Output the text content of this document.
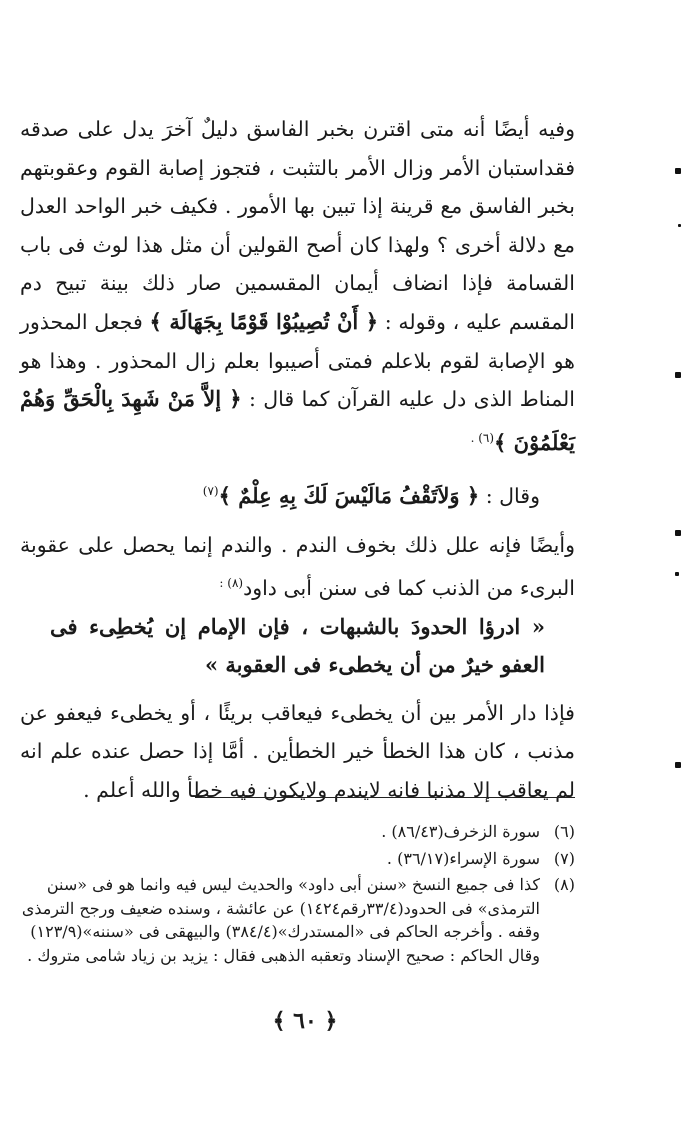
وفيه أيضًا أنه متى اقترن بخبر الفاسق دليلٌ آخرَ يدل على صدقه فقداستبان الأمر وزال الأمر بالتثبت ، فتجوز إصابة القوم وعقوبتهم بخبر الفاسق مع قرينة إذا تبين بها الأمور . فكيف خبر الواحد العدل مع دلالة أخرى ؟ ولهذا كان أصح القولين أن مثل هذا لوث فى باب القسامة فإذا انضاف أيمان المقسمين صار ذلك بينة تبيح دم المقسم عليه ، وقوله : ﴿ أَنْ تُصِيبُوْا قَوْمًا بِجَهَالَة ﴾ فجعل المحذور هو الإصابة لقوم بلاعلم فمتى أصيبوا بعلم زال المحذور . وهذا هو المناط الذى دل عليه القرآن كما قال : ﴿ إلاَّ مَنْ شَهِدَ بِالْحَقِّ وَهُمْ يَعْلَمُوْنَ ﴾$^{(٦) .}$

وقال : ﴿ وَلاَتَقْفُ مَالَيْسَ لَكَ بِهِ عِلْمٌ ﴾$^{(٧)}$

وأيضًا فإنه علل ذلك بخوف الندم . والندم إنما يحصل على عقوبة البرىء من الذنب كما فى سنن أبى داود$^{(٨) :}$

« ادرؤا الحدودَ بالشبهات ، فإن الإمام إن يُخطِىء فى العفو خيرٌ من أن يخطىء فى العقوبة »

فإذا دار الأمر بين أن يخطىء فيعاقب بريئًا ، أو يخطىء فيعفو عن مذنب ، كان هذا الخطأ خير الخطأين . أمَّا إذا حصل عنده علم انه لم يعاقب إلا مذنبا فانه لايندم ولايكون فيه خطأ والله أعلم .

(٦)
سورة الزخرف(٨٦/٤٣) .
(٧)
سورة الإسراء(٣٦/١٧) .
(٨)
كذا فى جميع النسخ «سنن أبى داود» والحديث ليس فيه وانما هو فى «سنن الترمذى» فى الحدود(٣٣/٤رقم١٤٢٤) عن عائشة ، وسنده ضعيف ورجح الترمذى وقفه . وأخرجه الحاكم فى «المستدرك»(٣٨٤/٤) والبيهقى فى «سننه»(١٢٣/٩) وقال الحاكم : صحيح الإسناد وتعقبه الذهبى فقال : يزيد بن زياد شامى متروك .
﴿ ٦٠ ﴾
